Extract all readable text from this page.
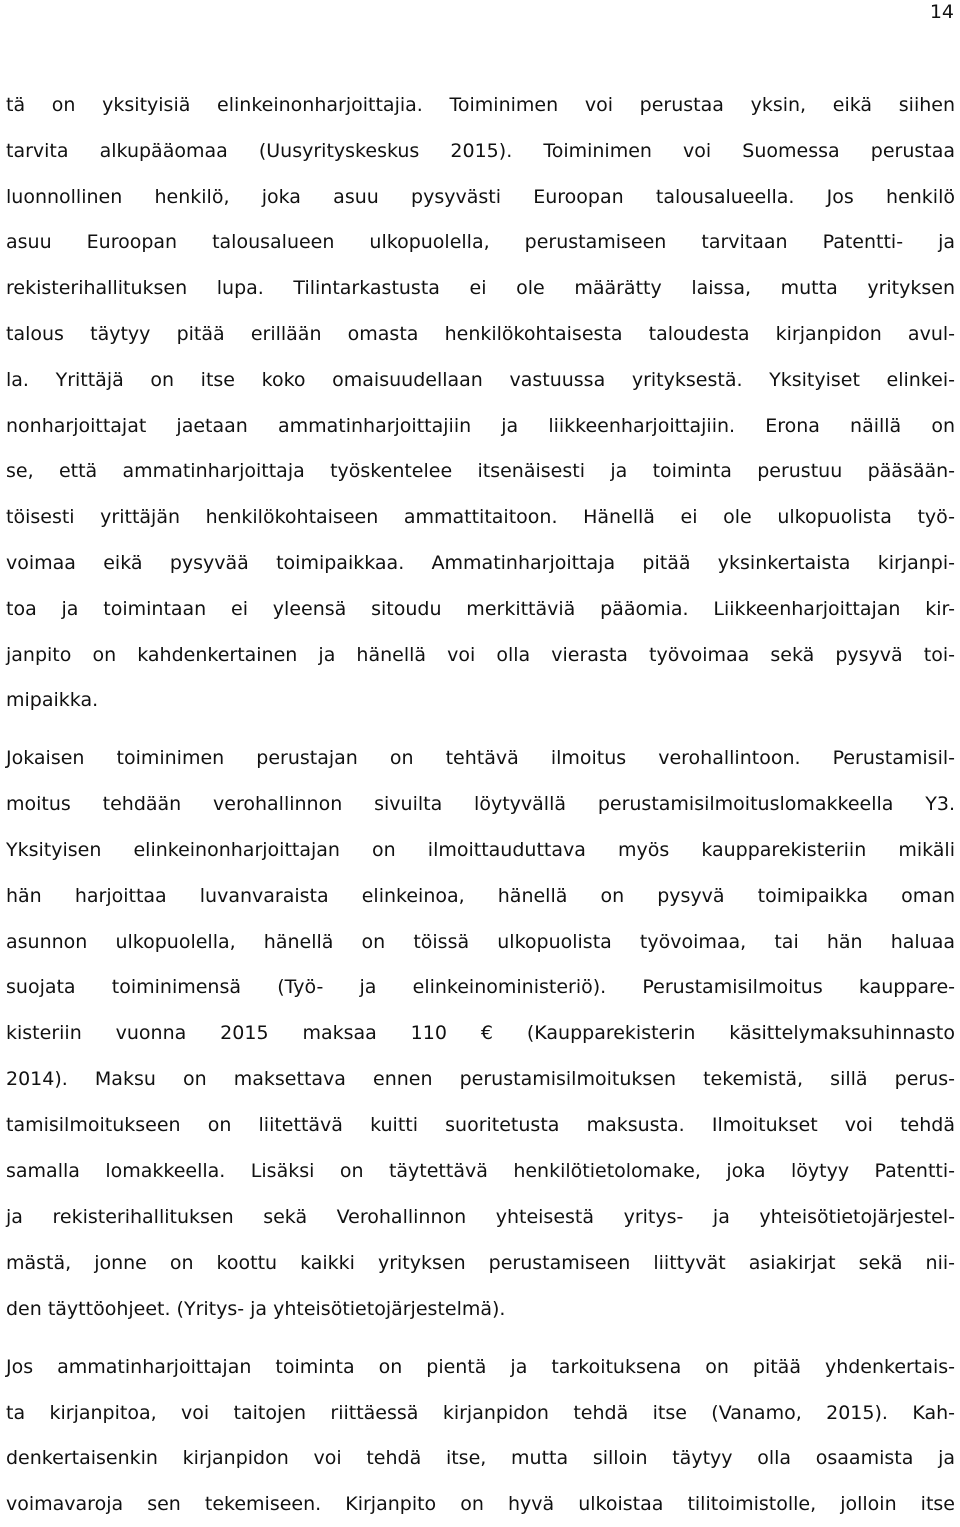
14
tä on yksityisiä elinkeinonharjoittajia. Toiminimen voi perustaa yksin, eikä siihen
tarvita alkupääomaa (Uusyrityskeskus 2015). Toiminimen voi Suomessa perustaa
luonnollinen henkilö, joka asuu pysyvästi Euroopan talousalueella. Jos henkilö
asuu Euroopan talousalueen ulkopuolella, perustamiseen tarvitaan Patentti- ja
rekisterihallituksen lupa. Tilintarkastusta ei ole määrätty laissa, mutta yrityksen
talous täytyy pitää erillään omasta henkilökohtaisesta taloudesta kirjanpidon avul-
la. Yrittäjä on itse koko omaisuudellaan vastuussa yrityksestä. Yksityiset elinkei-
nonharjoittajat jaetaan ammatinharjoittajiin ja liikkeenharjoittajiin. Erona näillä on
se, että ammatinharjoittaja työskentelee itsenäisesti ja toiminta perustuu pääsään-
töisesti yrittäjän henkilökohtaiseen ammattitaitoon. Hänellä ei ole ulkopuolista työ-
voimaa eikä pysyvää toimipaikkaa. Ammatinharjoittaja pitää yksinkertaista kirjanpi-
toa ja toimintaan ei yleensä sitoudu merkittäviä pääomia. Liikkeenharjoittajan kir-
janpito on kahdenkertainen ja hänellä voi olla vierasta työvoimaa sekä pysyvä toi-
mipaikka.
Jokaisen toiminimen perustajan on tehtävä ilmoitus verohallintoon. Perustamisil-
moitus tehdään verohallinnon sivuilta löytyvällä perustamisilmoituslomakkeella Y3.
Yksityisen elinkeinonharjoittajan on ilmoittauduttava myös kaupparekisteriin mikäli
hän harjoittaa luvanvaraista elinkeinoa, hänellä on pysyvä toimipaikka oman
asunnon ulkopuolella, hänellä on töissä ulkopuolista työvoimaa, tai hän haluaa
suojata toiminimensä (Työ- ja elinkeinoministeriö). Perustamisilmoitus kauppare-
kisteriin vuonna 2015 maksaa 110 € (Kaupparekisterin käsittelymaksuhinnasto
2014). Maksu on maksettava ennen perustamisilmoituksen tekemistä, sillä perus-
tamisilmoitukseen on liitettävä kuitti suoritetusta maksusta. Ilmoitukset voi tehdä
samalla lomakkeella. Lisäksi on täytettävä henkilötietolomake, joka löytyy Patentti-
ja rekisterihallituksen sekä Verohallinnon yhteisestä yritys- ja yhteisötietojärjestel-
mästä, jonne on koottu kaikki yrityksen perustamiseen liittyvät asiakirjat sekä nii-
den täyttöohjeet. (Yritys- ja yhteisötietojärjestelmä).
Jos ammatinharjoittajan toiminta on pientä ja tarkoituksena on pitää yhdenkertais-
ta kirjanpitoa, voi taitojen riittäessä kirjanpidon tehdä itse (Vanamo, 2015). Kah-
denkertaisenkin kirjanpidon voi tehdä itse, mutta silloin täytyy olla osaamista ja
voimavaroja sen tekemiseen. Kirjanpito on hyvä ulkoistaa tilitoimistolle, jolloin itse
